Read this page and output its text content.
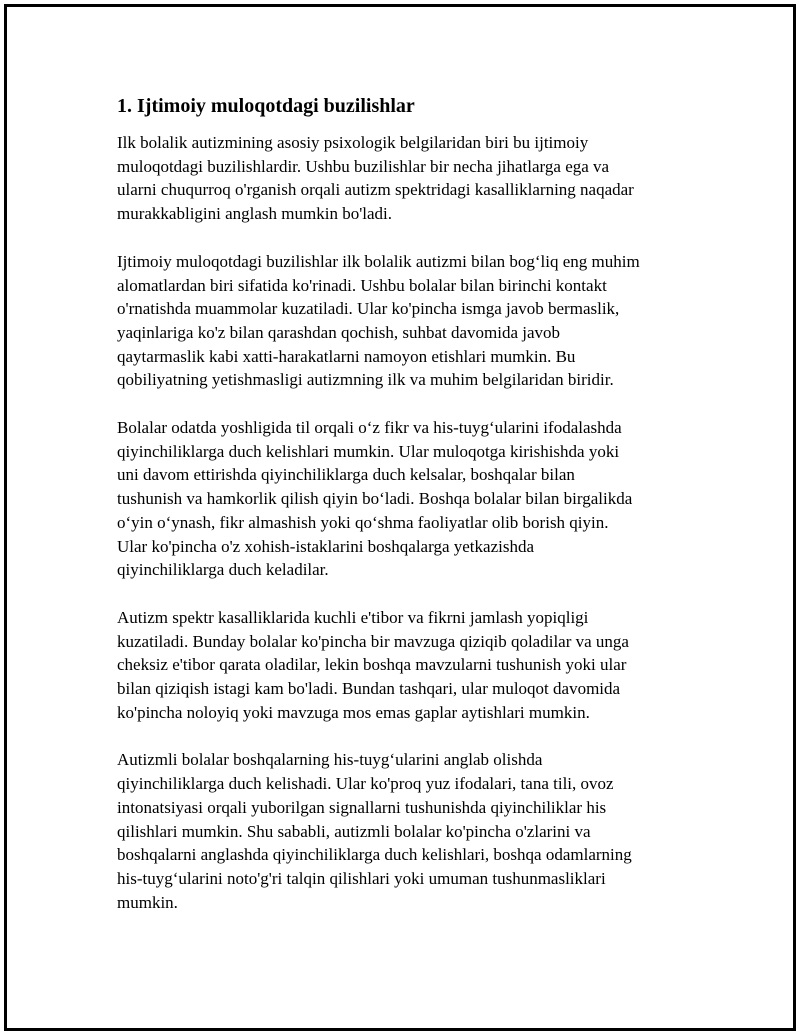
1. Ijtimoiy muloqotdagi buzilishlar

Ilk bolalik autizmining asosiy psixologik belgilaridan biri bu ijtimoiy
muloqotdagi buzilishlardir. Ushbu buzilishlar bir necha jihatlarga ega va
ularni chuqurroq o'rganish orqali autizm spektridagi kasalliklarning naqadar
murakkabligini anglash mumkin bo'ladi.

Ijtimoiy muloqotdagi buzilishlar ilk bolalik autizmi bilan bog‘liq eng muhim
alomatlardan biri sifatida ko'rinadi. Ushbu bolalar bilan birinchi kontakt
o'rnatishda muammolar kuzatiladi. Ular ko'pincha ismga javob bermaslik,
yaqinlariga ko'z bilan qarashdan qochish, suhbat davomida javob
qaytarmaslik kabi xatti-harakatlarni namoyon etishlari mumkin. Bu
qobiliyatning yetishmasligi autizmning ilk va muhim belgilaridan biridir.

Bolalar odatda yoshligida til orqali o‘z fikr va his-tuyg‘ularini ifodalashda
qiyinchiliklarga duch kelishlari mumkin. Ular muloqotga kirishishda yoki
uni davom ettirishda qiyinchiliklarga duch kelsalar, boshqalar bilan
tushunish va hamkorlik qilish qiyin bo‘ladi. Boshqa bolalar bilan birgalikda
o‘yin o‘ynash, fikr almashish yoki qo‘shma faoliyatlar olib borish qiyin.
Ular ko'pincha o'z xohish-istaklarini boshqalarga yetkazishda
qiyinchiliklarga duch keladilar.

Autizm spektr kasalliklarida kuchli e'tibor va fikrni jamlash yopiqligi
kuzatiladi. Bunday bolalar ko'pincha bir mavzuga qiziqib qoladilar va unga
cheksiz e'tibor qarata oladilar, lekin boshqa mavzularni tushunish yoki ular
bilan qiziqish istagi kam bo'ladi. Bundan tashqari, ular muloqot davomida
ko'pincha noloyiq yoki mavzuga mos emas gaplar aytishlari mumkin.

Autizmli bolalar boshqalarning his-tuyg‘ularini anglab olishda
qiyinchiliklarga duch kelishadi. Ular ko'proq yuz ifodalari, tana tili, ovoz
intonatsiyasi orqali yuborilgan signallarni tushunishda qiyinchiliklar his
qilishlari mumkin. Shu sababli, autizmli bolalar ko'pincha o'zlarini va
boshqalarni anglashda qiyinchiliklarga duch kelishlari, boshqa odamlarning
his-tuyg‘ularini noto'g'ri talqin qilishlari yoki umuman tushunmasliklari
mumkin.
